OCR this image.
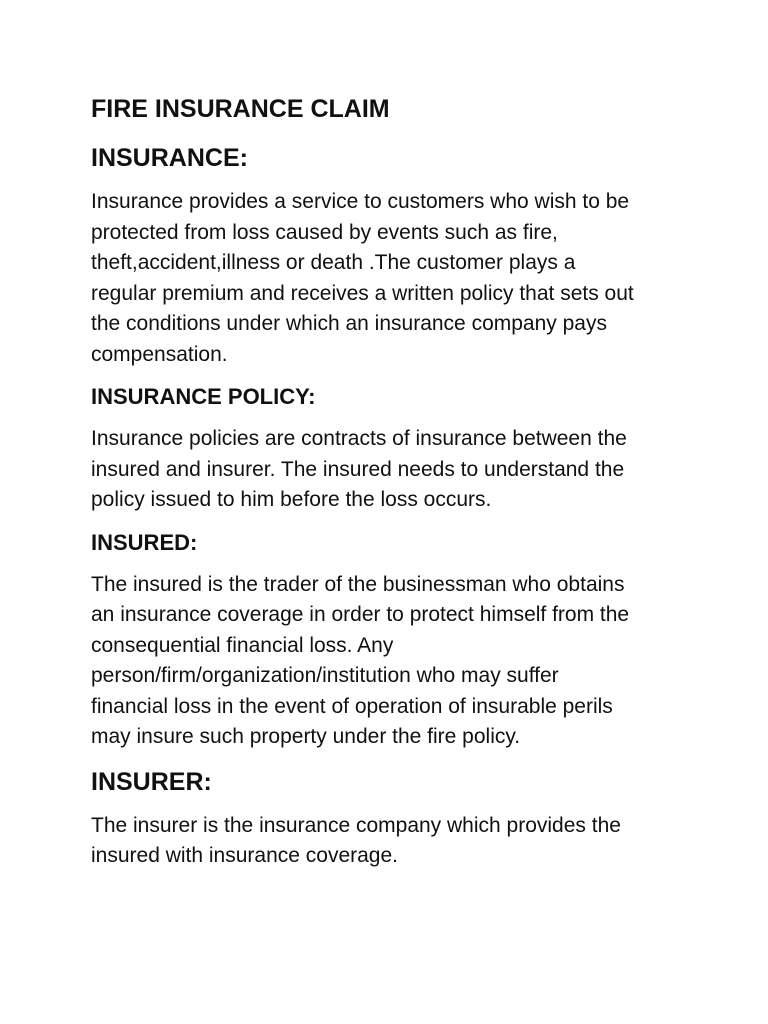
FIRE INSURANCE CLAIM
INSURANCE:
Insurance provides a service to customers who wish to be
protected from loss caused by events such as fire,
theft,accident,illness or death .The customer plays a
regular premium and receives a written policy that sets out
the conditions under which an insurance company pays
compensation.
INSURANCE POLICY:
Insurance policies are contracts of insurance between the
insured and insurer. The insured needs to understand the
policy issued to him before the loss occurs.
INSURED:
The insured is the trader of the businessman who obtains
an insurance coverage in order to protect himself from the
consequential financial loss. Any
person/firm/organization/institution who may suffer
financial loss in the event of operation of insurable perils
may insure such property under the fire policy.
INSURER:
The insurer is the insurance company which provides the
insured with insurance coverage.
